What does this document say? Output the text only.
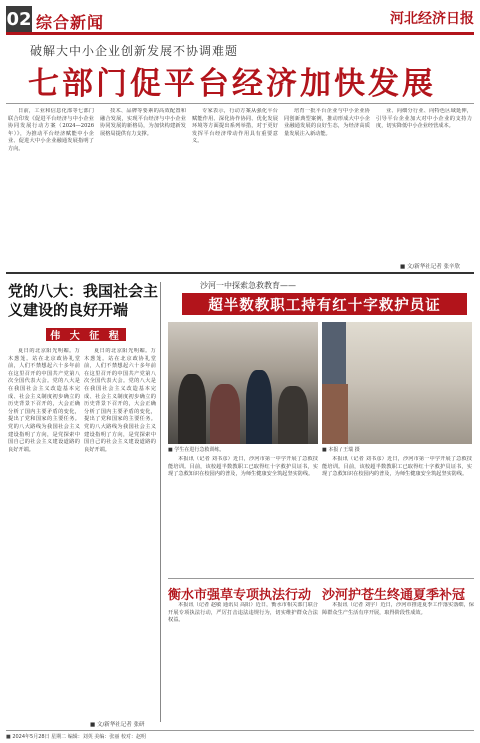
02 综合新闻	河北经济日报
破解大中小企业创新发展不协调难题
七部门促平台经济加快发展

日前，工业和信息化部等七部门联合印发《促进平台经济与中小企业协同发展行动方案（2024—2026年）》，为推动平台经济赋能中小企业、促进大中小企业融通发展指明了方向。

技术、品牌等要素的高效配置和融合发展，实现平台经济与中小企业协同发展的新格局，为加快构建新发展格局提供有力支撑。

专家表示，行动方案从强化平台赋能作用、深化协作协同、优化发展环境等方面提出系列举措，对于更好发挥平台经济带动作用具有重要意义。

培育一批平台企业与中小企业协同创新典型案例，推动形成大中小企业融通发展的良好生态，为经济高质量发展注入新动能。

业、向细分行业、向特色区域延伸，引导平台企业加大对中小企业的支持力度，切实降低中小企业经营成本。

■ 文/新华社记者 张辛欣
党的八大：我国社会主义建设的良好开端
伟 大 征 程

夏日的北京阳光明媚。万木葱茏。站在北京政协礼堂前，人们不禁想起六十多年前在这里召开的中国共产党第八次全国代表大会。党的八大是在我国社会主义改造基本完成、社会主义制度初步确立的历史背景下召开的，大会正确分析了国内主要矛盾的变化，提出了党和国家的主要任务。党的八大路线为我国社会主义建设指明了方向，是党探索中国自己的社会主义建设道路的良好开端。

夏日的北京阳光明媚。万木葱茏。站在北京政协礼堂前，人们不禁想起六十多年前在这里召开的中国共产党第八次全国代表大会。党的八大是在我国社会主义改造基本完成、社会主义制度初步确立的历史背景下召开的，大会正确分析了国内主要矛盾的变化，提出了党和国家的主要任务。党的八大路线为我国社会主义建设指明了方向，是党探索中国自己的社会主义建设道路的良好开端。

■ 文/新华社记者 张研
沙河一中探索急救教育——
超半数教职工持有红十字救护员证
■ 学生在进行急救训练。	■ 本报 / 王瑞 摄

本报讯（记者 刘书彦）近日，沙河市第一中学开展了急救技能培训。目前，该校超半数教职工已取得红十字救护员证书，实现了急救知识在校园内的普及，为师生健康安全筑起坚实防线。

本报讯（记者 刘书彦）近日，沙河市第一中学开展了急救技能培训。目前，该校超半数教职工已取得红十字救护员证书，实现了急救知识在校园内的普及，为师生健康安全筑起坚实防线。

衡水市强草专项执法行动 沙河护苍生终通夏季补冠

本报讯（记者 赵敏 通讯员 高阳）近日，衡水市相关部门联合开展专项执法行动，严厉打击违法违规行为，切实维护群众合法权益。

本报讯（记者 刘宇）近日，沙河市推进夏季工作落实落细，保障群众生产生活有序开展，取得阶段性成效。

■ 2024年5月28日 星期二 编辑：刘英 美编：张丽 校对：赵明
